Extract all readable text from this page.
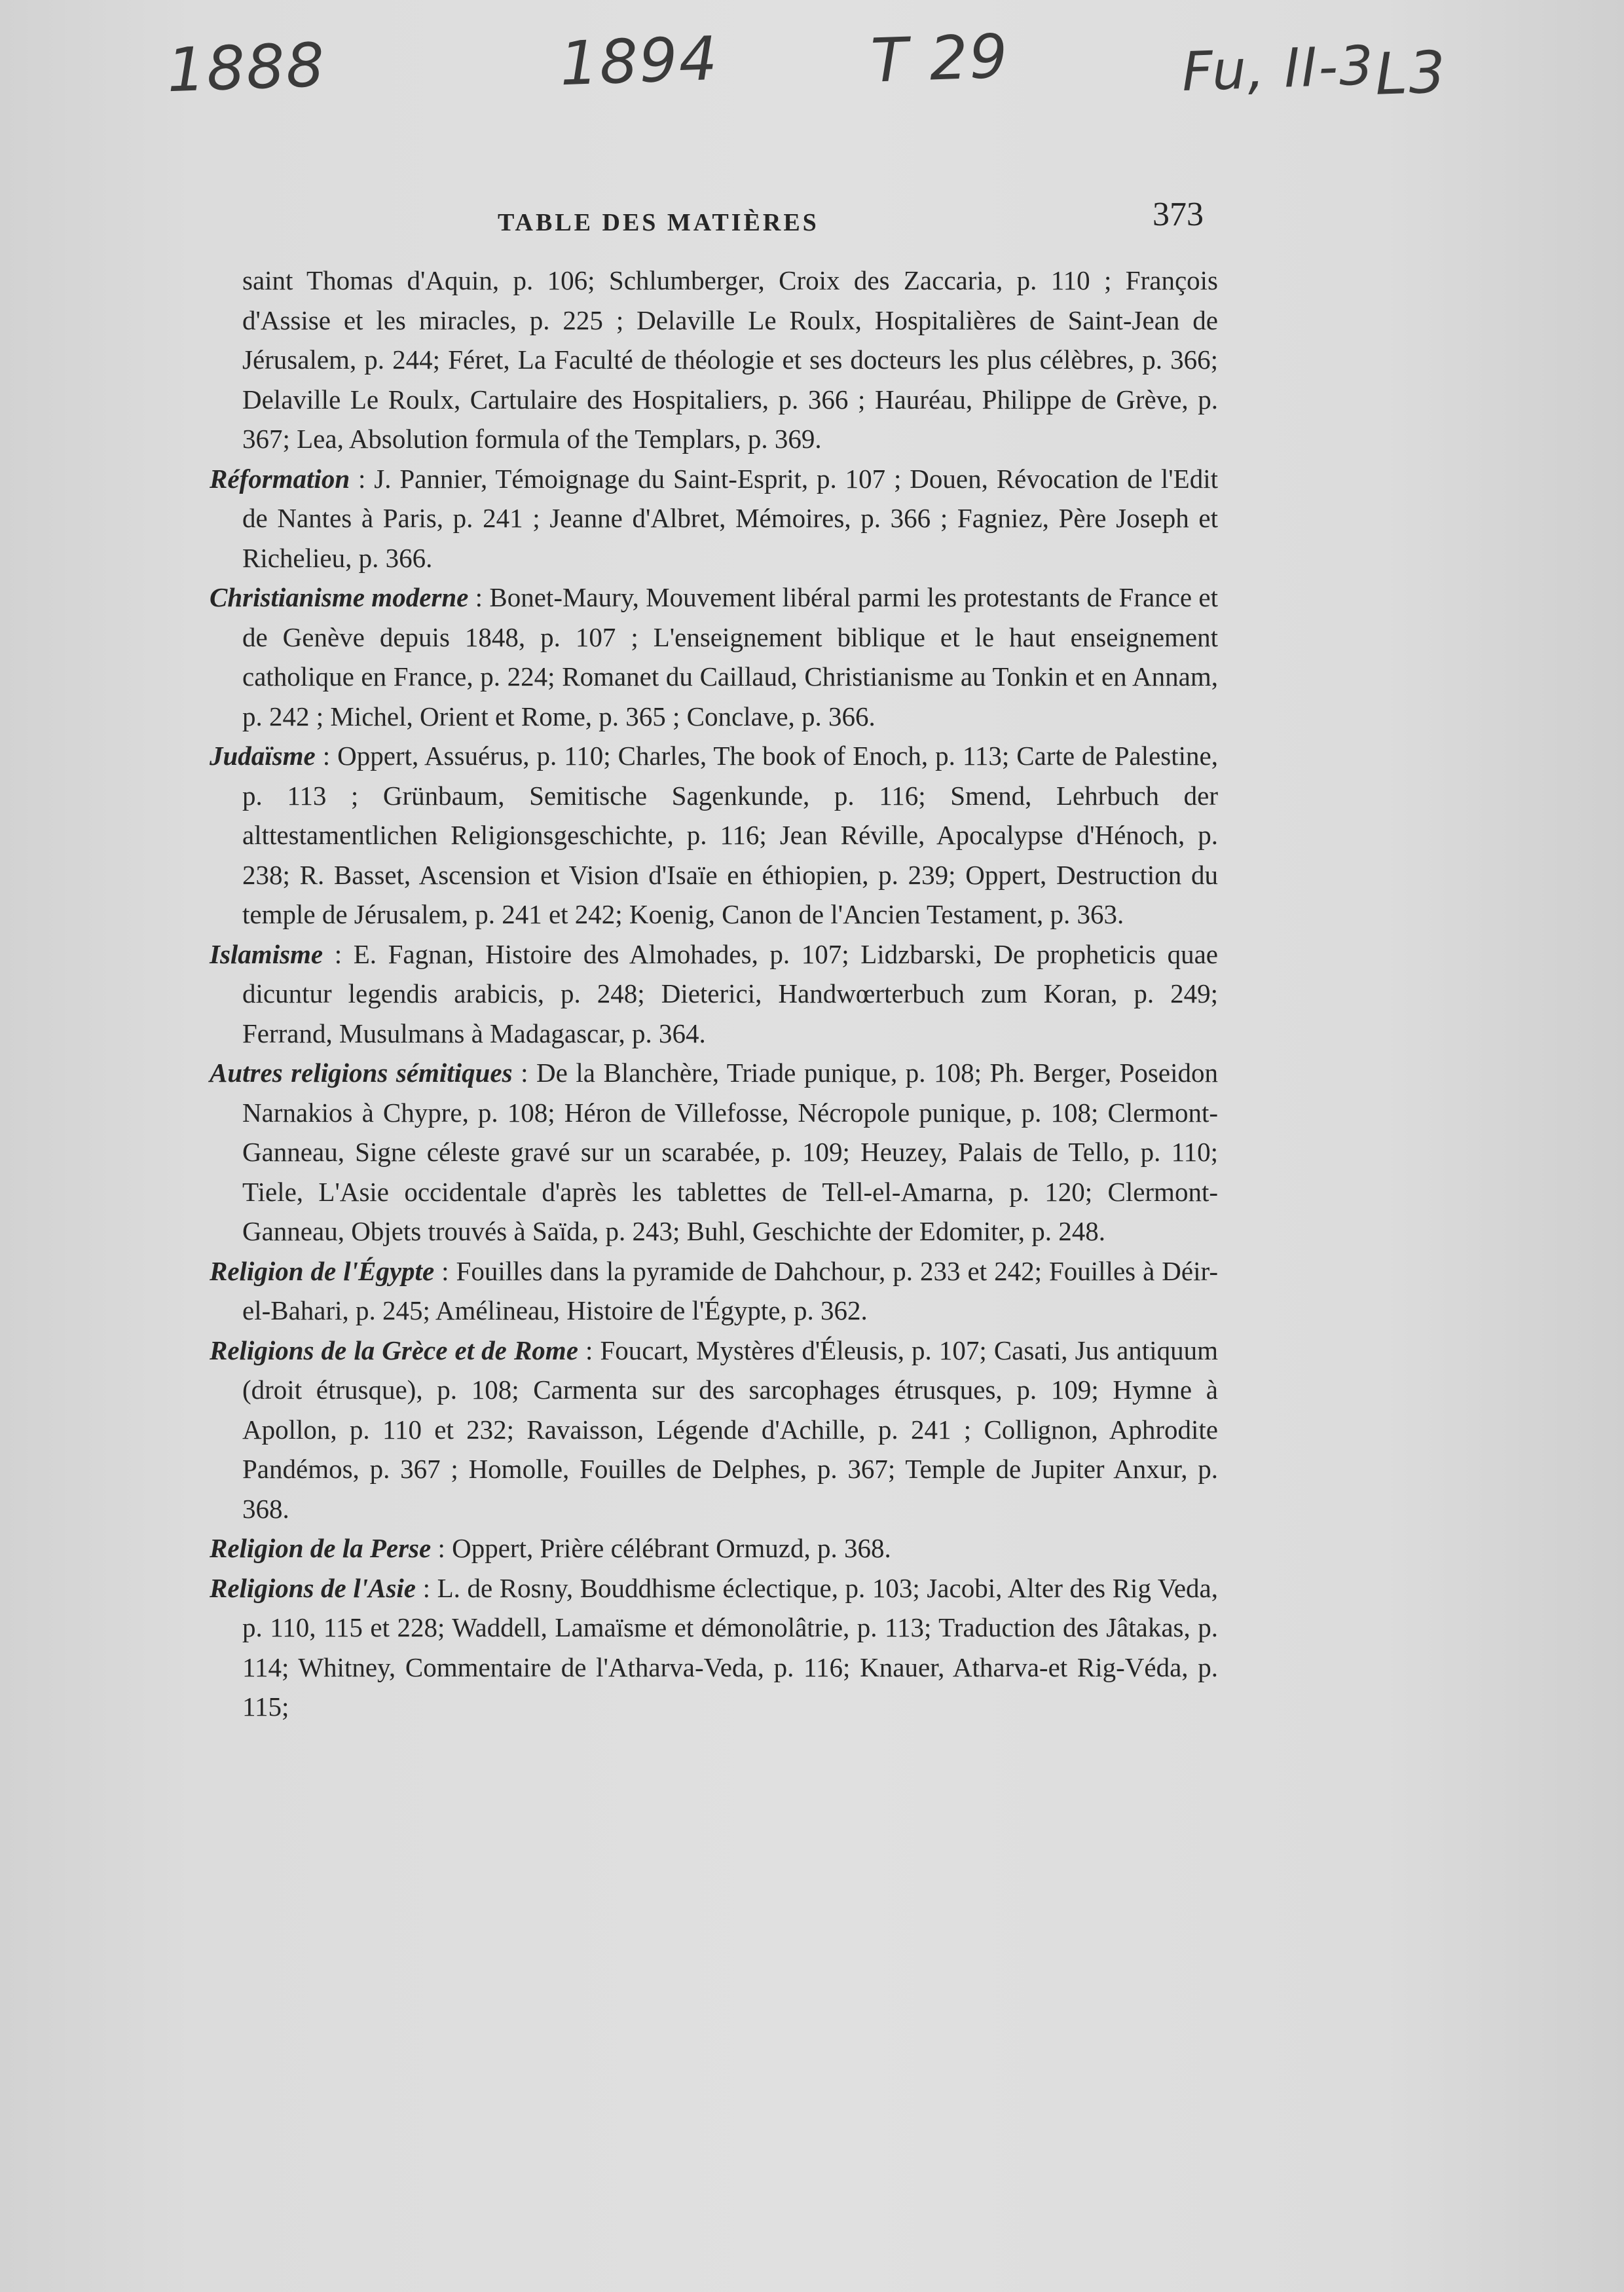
1888	1894 T 29	Fu, II-3
L3
TABLE DES MATIÈRES	373

saint Thomas d'Aquin, p. 106; Schlumberger, Croix des Zaccaria, p. 110 ; François d'Assise et les miracles, p. 225 ; Delaville Le Roulx, Hospitalières de Saint-Jean de Jérusalem, p. 244; Féret, La Faculté de théologie et ses docteurs les plus célèbres, p. 366; Delaville Le Roulx, Cartulaire des Hospitaliers, p. 366 ; Hauréau, Philippe de Grève, p. 367; Lea, Absolution formula of the Templars, p. 369.

Réformation : J. Pannier, Témoignage du Saint-Esprit, p. 107 ; Douen, Révocation de l'Edit de Nantes à Paris, p. 241 ; Jeanne d'Albret, Mémoires, p. 366 ; Fagniez, Père Joseph et Richelieu, p. 366.

Christianisme moderne : Bonet-Maury, Mouvement libéral parmi les protestants de France et de Genève depuis 1848, p. 107 ; L'enseignement biblique et le haut enseignement catholique en France, p. 224; Romanet du Caillaud, Christianisme au Tonkin et en Annam, p. 242 ; Michel, Orient et Rome, p. 365 ; Conclave, p. 366.

Judaïsme : Oppert, Assuérus, p. 110; Charles, The book of Enoch, p. 113; Carte de Palestine, p. 113 ; Grünbaum, Semitische Sagenkunde, p. 116; Smend, Lehrbuch der alttestamentlichen Religionsgeschichte, p. 116; Jean Réville, Apocalypse d'Hénoch, p. 238; R. Basset, Ascension et Vision d'Isaïe en éthiopien, p. 239; Oppert, Destruction du temple de Jérusalem, p. 241 et 242; Koenig, Canon de l'Ancien Testament, p. 363.

Islamisme : E. Fagnan, Histoire des Almohades, p. 107; Lidzbarski, De propheticis quae dicuntur legendis arabicis, p. 248; Dieterici, Handwœrterbuch zum Koran, p. 249; Ferrand, Musulmans à Madagascar, p. 364.

Autres religions sémitiques : De la Blanchère, Triade punique, p. 108; Ph. Berger, Poseidon Narnakios à Chypre, p. 108; Héron de Villefosse, Nécropole punique, p. 108; Clermont-Ganneau, Signe céleste gravé sur un scarabée, p. 109; Heuzey, Palais de Tello, p. 110; Tiele, L'Asie occidentale d'après les tablettes de Tell-el-Amarna, p. 120; Clermont-Ganneau, Objets trouvés à Saïda, p. 243; Buhl, Geschichte der Edomiter, p. 248.

Religion de l'Égypte : Fouilles dans la pyramide de Dahchour, p. 233 et 242; Fouilles à Déir-el-Bahari, p. 245; Amélineau, Histoire de l'Égypte, p. 362.

Religions de la Grèce et de Rome : Foucart, Mystères d'Éleusis, p. 107; Casati, Jus antiquum (droit étrusque), p. 108; Carmenta sur des sarcophages étrusques, p. 109; Hymne à Apollon, p. 110 et 232; Ravaisson, Légende d'Achille, p. 241 ; Collignon, Aphrodite Pandémos, p. 367 ; Homolle, Fouilles de Delphes, p. 367; Temple de Jupiter Anxur, p. 368.

Religion de la Perse : Oppert, Prière célébrant Ormuzd, p. 368.

Religions de l'Asie : L. de Rosny, Bouddhisme éclectique, p. 103; Jacobi, Alter des Rig Veda, p. 110, 115 et 228; Waddell, Lamaïsme et démonolâtrie, p. 113; Traduction des Jâtakas, p. 114; Whitney, Commentaire de l'Atharva-Veda, p. 116; Knauer, Atharva-et Rig-Véda, p. 115;
